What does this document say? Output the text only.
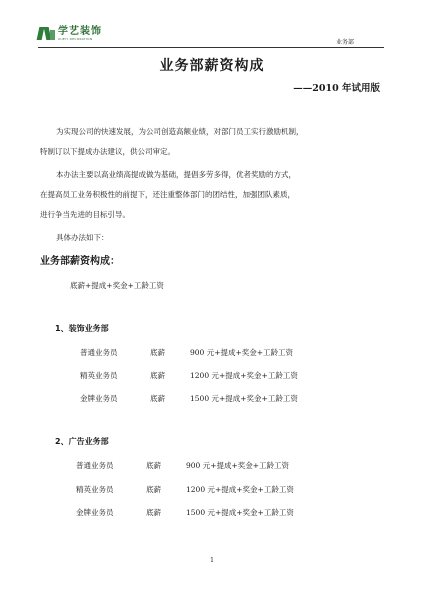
学艺装饰
XUEYI DECORATION	业务部
业务部薪资构成
——2010 年试用版
为实现公司的快速发展，为公司创造高额业绩，对部门员工实行激励机制，
特制订以下提成办法建议，供公司审定。
本办法主要以高业绩高提成做为基础，提倡多劳多得，优者奖励的方式，
在提高员工业务积极性的前提下，还注重整体部门的团结性，加强团队素质，
进行争当先进的目标引导。
具体办法如下：
业务部薪资构成：
底薪+提成+奖金+工龄工资
1、装饰业务部
普通业务员	底薪	900 元+提成+奖金+工龄工资
精英业务员	底薪	1200 元+提成+奖金+工龄工资
金牌业务员	底薪	1500 元+提成+奖金+工龄工资
2、广告业务部
普通业务员	底薪	900 元+提成+奖金+工龄工资
精英业务员	底薪	1200 元+提成+奖金+工龄工资
金牌业务员	底薪	1500 元+提成+奖金+工龄工资
1
